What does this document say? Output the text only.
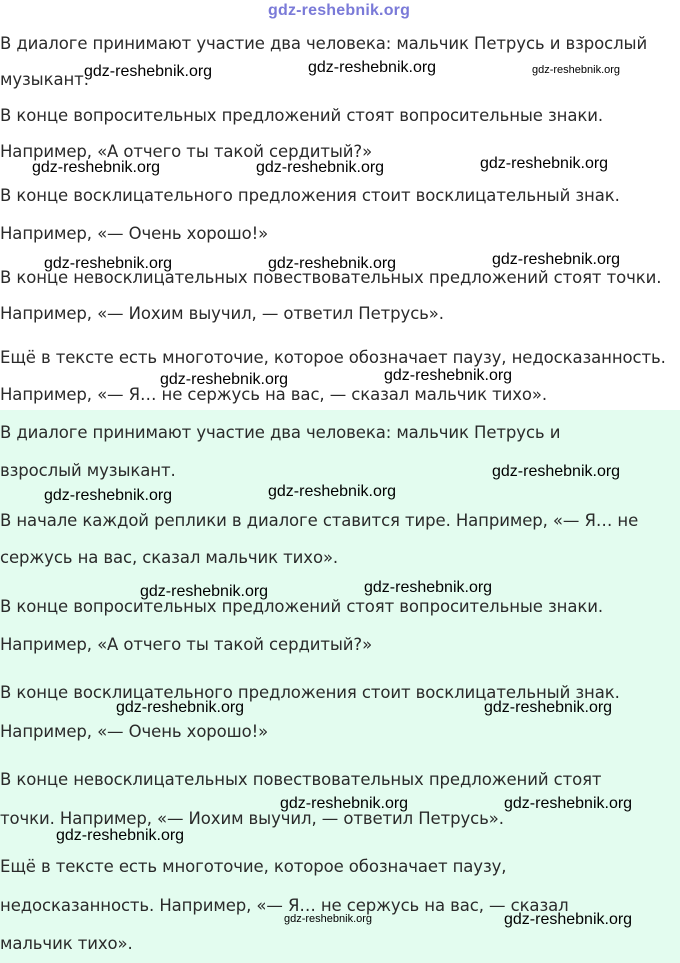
В диалоге принимают участие два человека: мальчик Петрусь и взрослый

музыкант.

В конце вопросительных предложений стоят вопросительные знаки.

Например, «А отчего ты такой сердитый?»

В конце восклицательного предложения стоит восклицательный знак.

Например, «— Очень хорошо!»

В конце невосклицательных повествовательных предложений стоят точки.

Например, «— Иохим выучил, — ответил Петрусь».

Ещё в тексте есть многоточие, которое обозначает паузу, недосказанность.

Например, «— Я… не сержусь на вас, — сказал мальчик тихо».

В диалоге принимают участие два человека: мальчик Петрусь и

взрослый музыкант.

В начале каждой реплики в диалоге ставится тире. Например, «— Я… не

сержусь на вас, сказал мальчик тихо».

В конце вопросительных предложений стоят вопросительные знаки.

Например, «А отчего ты такой сердитый?»

В конце восклицательного предложения стоит восклицательный знак.

Например, «— Очень хорошо!»

В конце невосклицательных повествовательных предложений стоят

точки. Например, «— Иохим выучил, — ответил Петрусь».

Ещё в тексте есть многоточие, которое обозначает паузу,

недосказанность. Например, «— Я… не сержусь на вас, — сказал

мальчик тихо».

gdz-reshebnik.org
gdz-reshebnik.org	gdz-reshebnik.org	gdz-reshebnik.org
gdz-reshebnik.org	gdz-reshebnik.org	gdz-reshebnik.org
gdz-reshebnik.org	gdz-reshebnik.org	gdz-reshebnik.org
gdz-reshebnik.org	gdz-reshebnik.org
gdz-reshebnik.org
gdz-reshebnik.org	gdz-reshebnik.org
gdz-reshebnik.org	gdz-reshebnik.org
gdz-reshebnik.org	gdz-reshebnik.org
gdz-reshebnik.org	gdz-reshebnik.org
gdz-reshebnik.org
gdz-reshebnik.org	gdz-reshebnik.org
